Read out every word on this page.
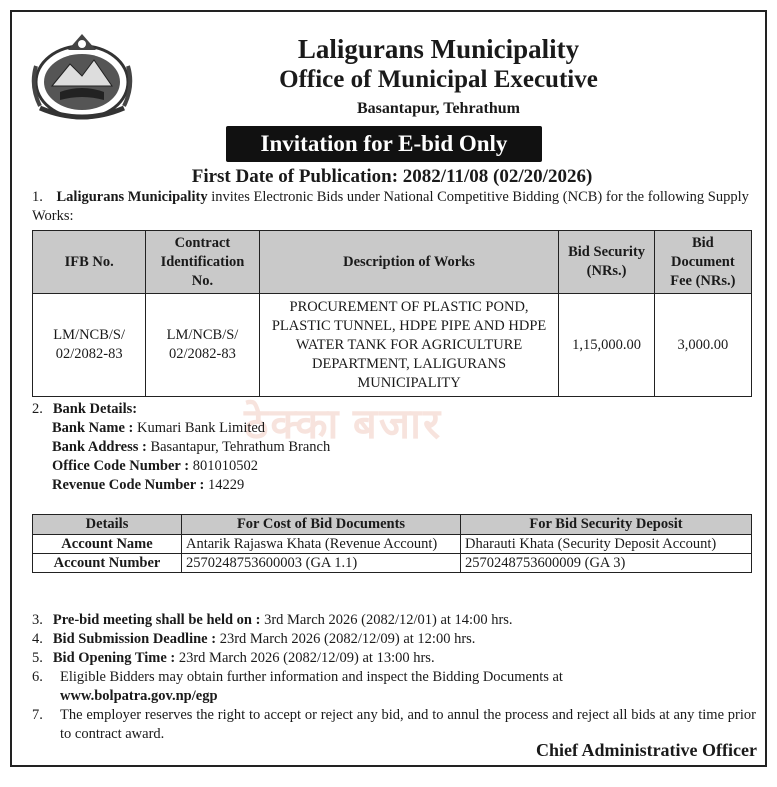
Laligurans Municipality
Office of Municipal Executive
Basantapur, Tehrathum
Invitation for E-bid Only
First Date of Publication: 2082/11/08 (02/20/2026)
1. Laligurans Municipality invites Electronic Bids under National Competitive Bidding (NCB) for the following Supply Works:
IFB No.	Contract Identification No.	Description of Works	Bid Security (NRs.)	Bid Document Fee (NRs.)
LM/NCB/S/ 02/2082-83	LM/NCB/S/ 02/2082-83	PROCUREMENT OF PLASTIC POND, PLASTIC TUNNEL, HDPE PIPE AND HDPE WATER TANK FOR AGRICULTURE DEPARTMENT, LALIGURANS MUNICIPALITY	1,15,000.00	3,000.00
ठेक्का बजार
2. Bank Details:
Bank Name : Kumari Bank Limited
Bank Address : Basantapur, Tehrathum Branch
Office Code Number : 801010502
Revenue Code Number : 14229
Details	For Cost of Bid Documents	For Bid Security Deposit
Account Name	Antarik Rajaswa Khata (Revenue Account)	Dharauti Khata (Security Deposit Account)
Account Number	2570248753600003 (GA 1.1)	2570248753600009 (GA 3)
3. Pre-bid meeting shall be held on : 3rd March 2026 (2082/12/01) at 14:00 hrs.
4. Bid Submission Deadline : 23rd March 2026 (2082/12/09) at 12:00 hrs.
5. Bid Opening Time : 23rd March 2026 (2082/12/09) at 13:00 hrs.
6.	Eligible Bidders may obtain further information and inspect the Bidding Documents at
www.bolpatra.gov.np/egp
7.	The employer reserves the right to accept or reject any bid, and to annul the process and reject all bids at any time prior to contract award.
Chief Administrative Officer
